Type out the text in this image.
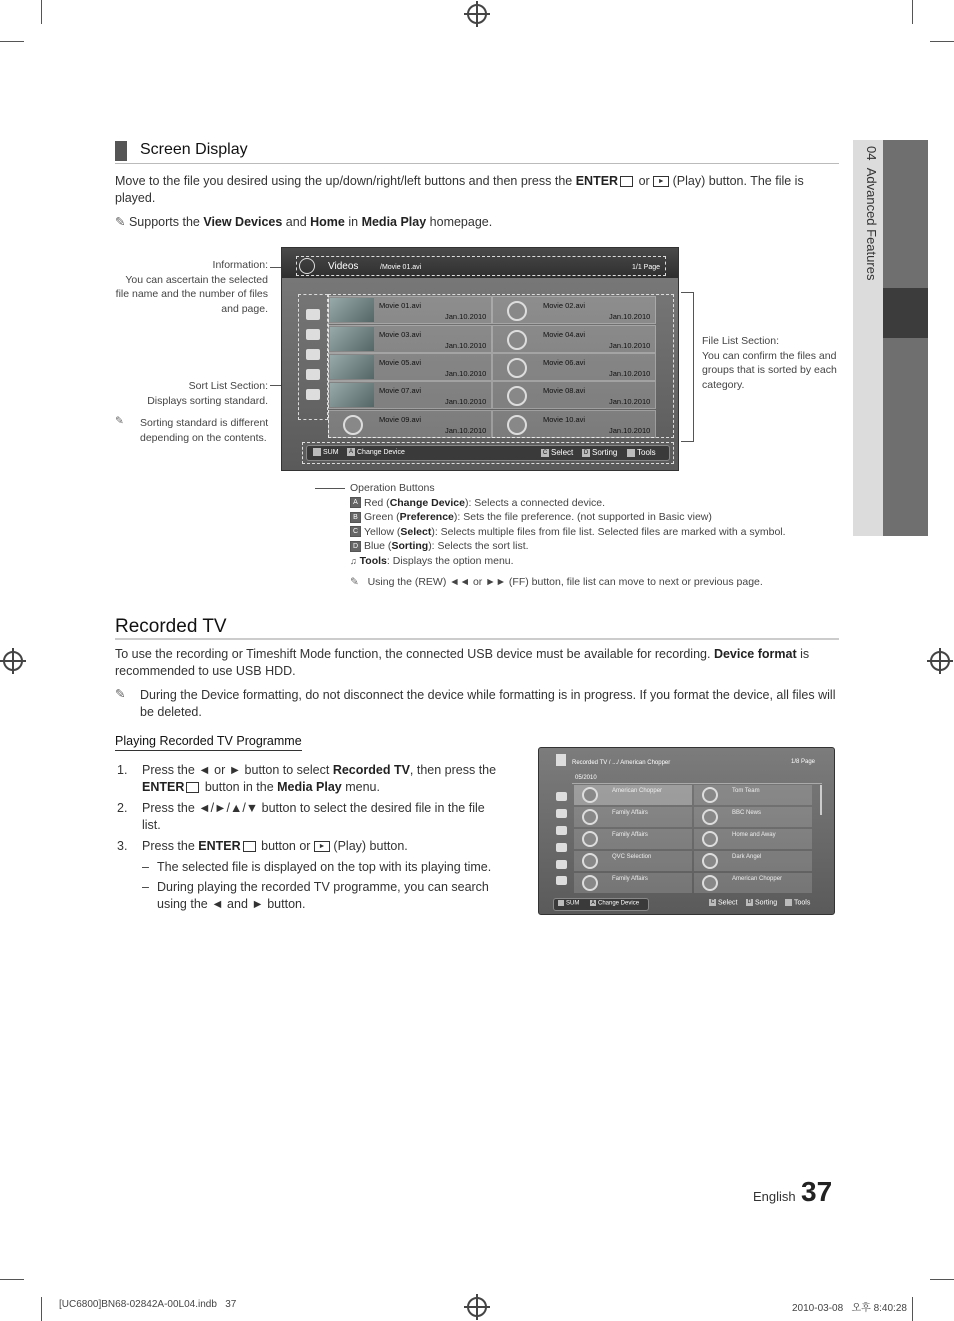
04  Advanced Features
Screen Display
Move to the file you desired using the up/down/right/left buttons and then press the ENTER or ► (Play) button. The file is played.
✎ Supports the View Devices and Home in Media Play homepage.
Information:
You can ascertain the selected file name and the number of files and page.
Sort List Section:
Displays sorting standard.
✎	Sorting standard is different depending on the contents.
File List Section:
You can confirm the files and groups that is sorted by each category.
Videos	/Movie 01.avi	1/1 Page
Movie 01.avi
Jan.10.2010
Movie 02.avi
Jan.10.2010
Movie 03.avi
Jan.10.2010
Movie 04.avi
Jan.10.2010
Movie 05.avi
Jan.10.2010
Movie 06.avi
Jan.10.2010
Movie 07.avi
Jan.10.2010
Movie 08.avi
Jan.10.2010
Movie 09.avi
Jan.10.2010
Movie 10.avi
Jan.10.2010
SUM	A Change Device	C Select	D Sorting	Tools
Operation Buttons
A Red (Change Device): Selects a connected device.
B Green (Preference): Sets the file preference. (not supported in Basic view)
C Yellow (Select): Selects multiple files from file list. Selected files are marked with a symbol.
D Blue (Sorting): Selects the sort list.
♫ Tools: Displays the option menu.
✎ Using the (REW) ◄◄ or ►► (FF) button, file list can move to next or previous page.
Recorded TV
To use the recording or Timeshift Mode function, the connected USB device must be available for recording. Device format is recommended to use USB HDD.
✎	During the Device formatting, do not disconnect the device while formatting is in progress. If you format the device, all files will be deleted.
Playing Recorded TV Programme
1. Press the ◄ or ► button to select Recorded TV, then press the ENTER button in the Media Play menu.
2. Press the ◄/►/▲/▼ button to select the desired file in the file list.
3. Press the ENTER button or ► (Play) button.
– The selected file is displayed on the top with its playing time.
– During playing the recorded TV programme, you can search using the ◄ and ► button.
Recorded TV / .../ American Chopper	1/8 Page
05/2010
American Chopper	Tom Team
Family Affairs	BBC News
Family Affairs	Home and Away
QVC Selection	Dark Angel
Family Affairs	American Chopper
SUM A Change Device	C Select	D Sorting	Tools
English 37
[UC6800]BN68-02842A-00L04.indb   37	2010-03-08   오후 8:40:28
